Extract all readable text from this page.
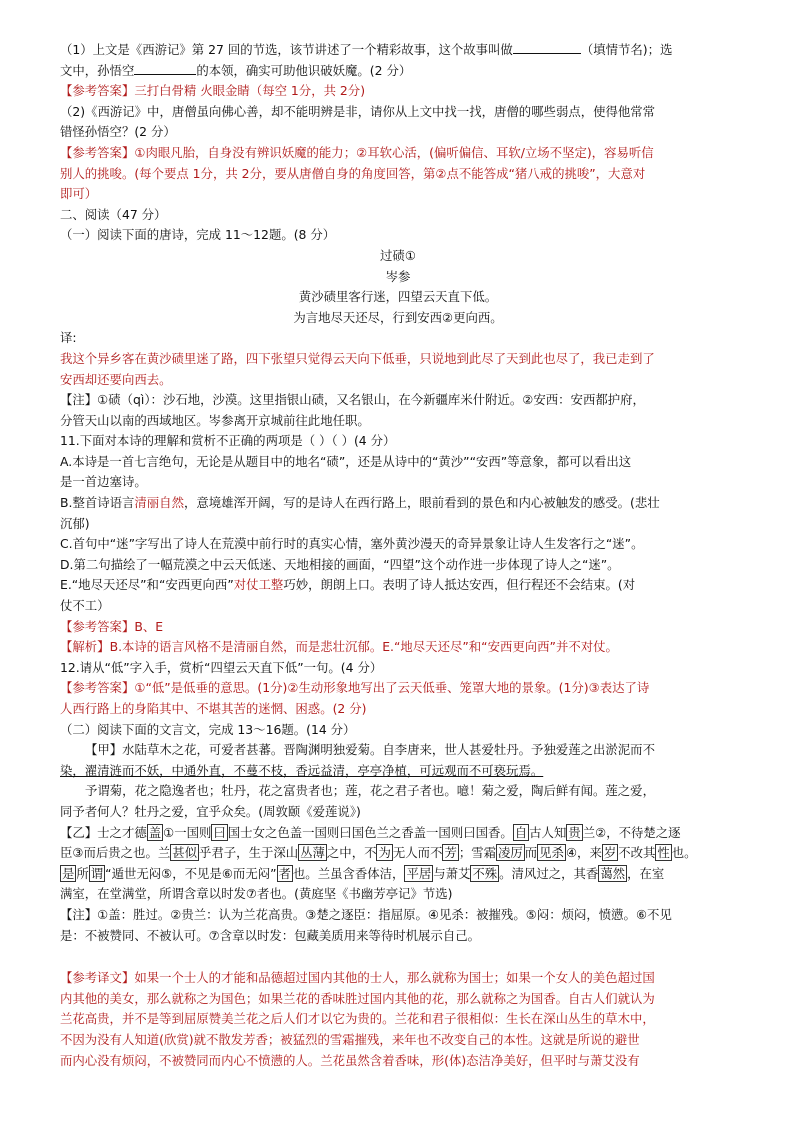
（1）上文是《西游记》第 27 回的节选，该节讲述了一个精彩故事，这个故事叫做	（填情节名)；选
文中，孙悟空	的本领，确实可助他识破妖魔。(2 分）
【参考答案】三打白骨精 火眼金睛（每空 1分，共 2分)
（2)《西游记》中，唐僧虽向佛心善，却不能明辨是非，请你从上文中找一找，唐僧的哪些弱点，使得他常常
错怪孙悟空？(2 分）
【参考答案】①肉眼凡胎，自身没有辨识妖魔的能力；②耳软心活，(偏听偏信、耳软/立场不坚定)，容易听信
别人的挑唆。(每个要点 1分，共 2分，要从唐僧自身的角度回答，第②点不能答成“猪八戒的挑唆”，大意对
即可）
二、阅读（47 分）
（一）阅读下面的唐诗，完成 11～12题。(8 分）
过碛①
岑参
黄沙碛里客行迷，四望云天直下低。
为言地尽天还尽，行到安西②更向西。
译:
我这个异乡客在黄沙碛里迷了路，四下张望只觉得云天向下低垂，只说地到此尽了天到此也尽了，我已走到了
安西却还要向西去。
【注】①碛（qì）：沙石地，沙漠。这里指银山碛，又名银山，在今新疆库米什附近。②安西：安西都护府，
分管天山以南的西域地区。岑参离开京城前往此地任职。
11.下面对本诗的理解和赏析不正确的两项是（ ）（ ）(4 分）
A.本诗是一首七言绝句，无论是从题目中的地名“碛”，还是从诗中的“黄沙”“安西”等意象，都可以看出这
是一首边塞诗。
B.整首诗语言清丽自然，意境雄浑开阔，写的是诗人在西行路上，眼前看到的景色和内心被触发的感受。(悲壮
沉郁)
C.首句中“迷”字写出了诗人在荒漠中前行时的真实心情，塞外黄沙漫天的奇异景象让诗人生发客行之“迷”。
D.第二句描绘了一幅荒漠之中云天低迷、天地相接的画面，“四望”这个动作进一步体现了诗人之“迷”。
E.“地尽天还尽”和“安西更向西”对仗工整巧妙，朗朗上口。表明了诗人抵达安西，但行程还不会结束。(对
仗不工）
【参考答案】B、E
【解析】B.本诗的语言风格不是清丽自然，而是悲壮沉郁。E.“地尽天还尽”和“安西更向西”并不对仗。
12.请从“低”字入手，赏析“四望云天直下低”一句。(4 分）
【参考答案】①“低”是低垂的意思。(1分)②生动形象地写出了云天低垂、笼罩大地的景象。(1分)③表达了诗
人西行路上的身陷其中、不堪其苦的迷惘、困惑。(2 分)
（二）阅读下面的文言文，完成 13～16题。(14 分）
【甲】水陆草木之花，可爱者甚蕃。晋陶渊明独爱菊。自李唐来，世人甚爱牡丹。予独爱莲之出淤泥而不
染，濯清涟而不妖，中通外直，不蔓不枝，香远益清，亭亭净植，可远观而不可亵玩焉。
予谓菊，花之隐逸者也；牡丹，花之富贵者也；莲，花之君子者也。噫！菊之爱，陶后鲜有闻。莲之爱，
同予者何人？牡丹之爱，宜乎众矣。(周敦颐《爱莲说》)
【乙】士之才德 盖 ①一国则 曰 国士女之色盖一国则曰国色兰之香盖一国则曰国香。 自 古人知 贵 兰②，不待楚之逐
臣③而后贵之也。兰 甚似 乎君子，生于深山 丛薄 之中，不 为 无人而不 芳 ；雪霜 凌厉 而 见杀 ④，来 岁 不改其 性 也。
是 所 谓 “遁世无闷⑤，不见是⑥而无闷” 者 也。兰虽含香体洁， 平居 与萧艾 不殊 。清风过之，其香 蔼然 ，在室
满室，在堂满堂，所谓含章以时发⑦者也。(黄庭坚《书幽芳亭记》节选)
【注】①盖：胜过。②贵兰：认为兰花高贵。③楚之逐臣：指屈原。④见杀：被摧残。⑤闷：烦闷，愤懑。⑥不见
是：不被赞同、不被认可。⑦含章以时发：包藏美质用来等待时机展示自己。
【参考译文】如果一个士人的才能和品德超过国内其他的士人，那么就称为国士；如果一个女人的美色超过国
内其他的美女，那么就称之为国色；如果兰花的香味胜过国内其他的花，那么就称之为国香。自古人们就认为
兰花高贵，并不是等到屈原赞美兰花之后人们才以它为贵的。兰花和君子很相似：生长在深山丛生的草木中，
不因为没有人知道(欣赏)就不散发芳香；被猛烈的雪霜摧残，来年也不改变自己的本性。这就是所说的避世
而内心没有烦闷，不被赞同而内心不愤懑的人。兰花虽然含着香味，形(体)态洁净美好，但平时与萧艾没有
